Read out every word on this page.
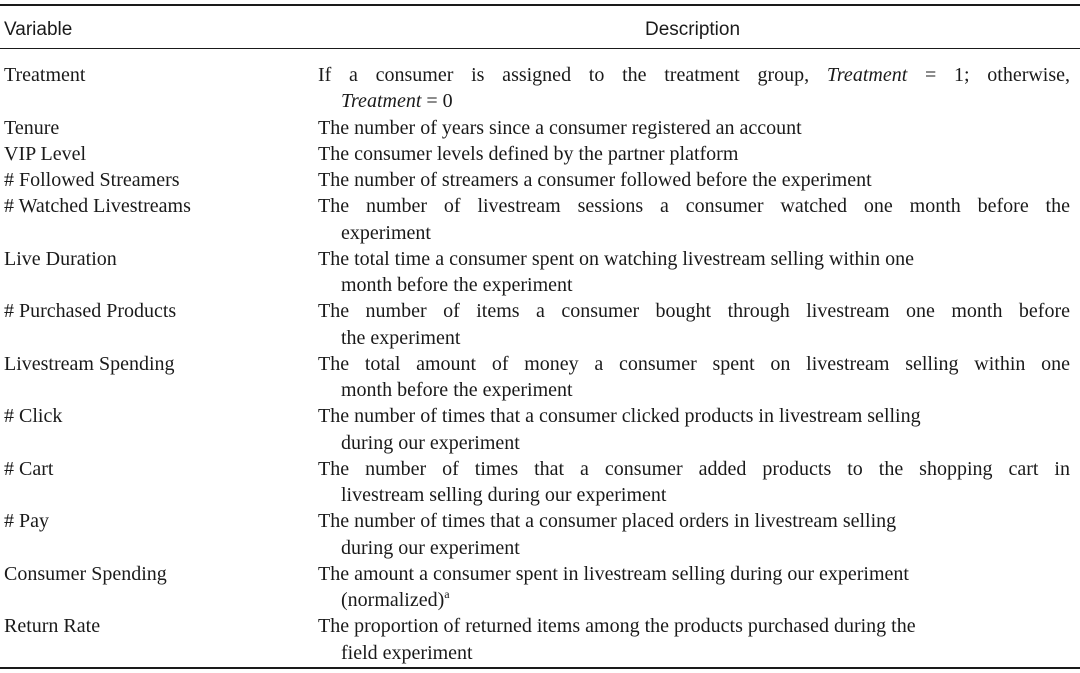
Variable	Description
Treatment	If a consumer is assigned to the treatment group, Treatment = 1; otherwise,
Treatment = 0
Tenure	The number of years since a consumer registered an account
VIP Level	The consumer levels defined by the partner platform
# Followed Streamers	The number of streamers a consumer followed before the experiment
# Watched Livestreams	The number of livestream sessions a consumer watched one month before the
experiment
Live Duration	The total time a consumer spent on watching livestream selling within one
month before the experiment
# Purchased Products	The number of items a consumer bought through livestream one month before
the experiment
Livestream Spending	The total amount of money a consumer spent on livestream selling within one
month before the experiment
# Click	The number of times that a consumer clicked products in livestream selling
during our experiment
# Cart	The number of times that a consumer added products to the shopping cart in
livestream selling during our experiment
# Pay	The number of times that a consumer placed orders in livestream selling
during our experiment
Consumer Spending	The amount a consumer spent in livestream selling during our experiment
(normalized)$^a$
Return Rate	The proportion of returned items among the products purchased during the
field experiment
